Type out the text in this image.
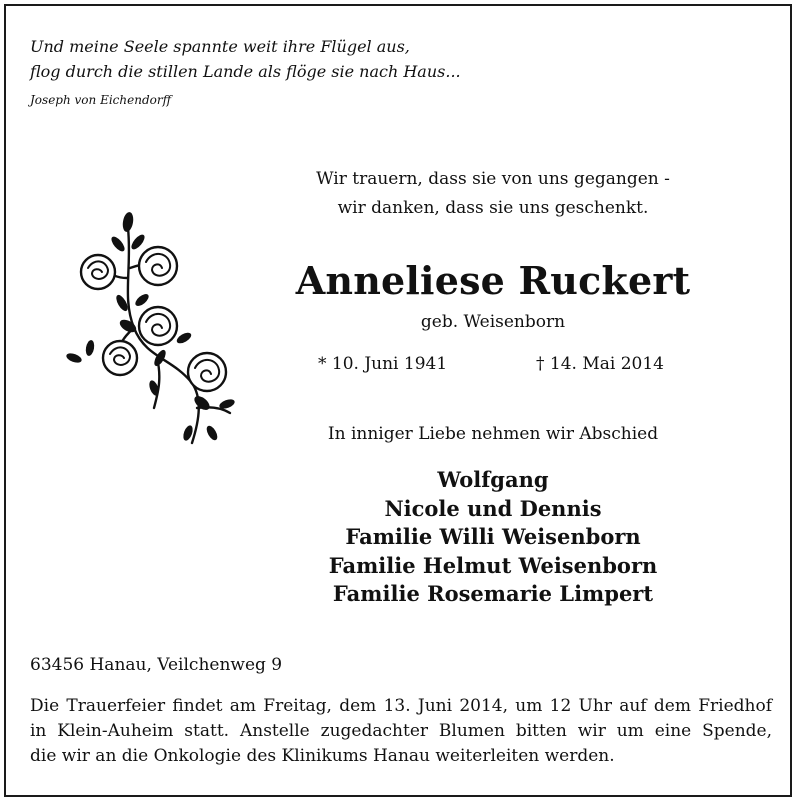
Und meine Seele spannte weit ihre Flügel aus,
flog durch die stillen Lande als flöge sie nach Haus...
Joseph von Eichendorff
Wir trauern, dass sie von uns gegangen -
wir danken, dass sie uns geschenkt.
Anneliese Ruckert
geb. Weisenborn
* 10. Juni 1941	† 14. Mai 2014
In inniger Liebe nehmen wir Abschied
Wolfgang
Nicole und Dennis
Familie Willi Weisenborn
Familie Helmut Weisenborn
Familie Rosemarie Limpert
63456 Hanau, Veilchenweg 9
Die Trauerfeier findet am Freitag, dem 13. Juni 2014, um 12 Uhr auf dem Friedhof
in Klein-Auheim statt. Anstelle zugedachter Blumen bitten wir um eine Spende,
die wir an die Onkologie des Klinikums Hanau weiterleiten werden.
